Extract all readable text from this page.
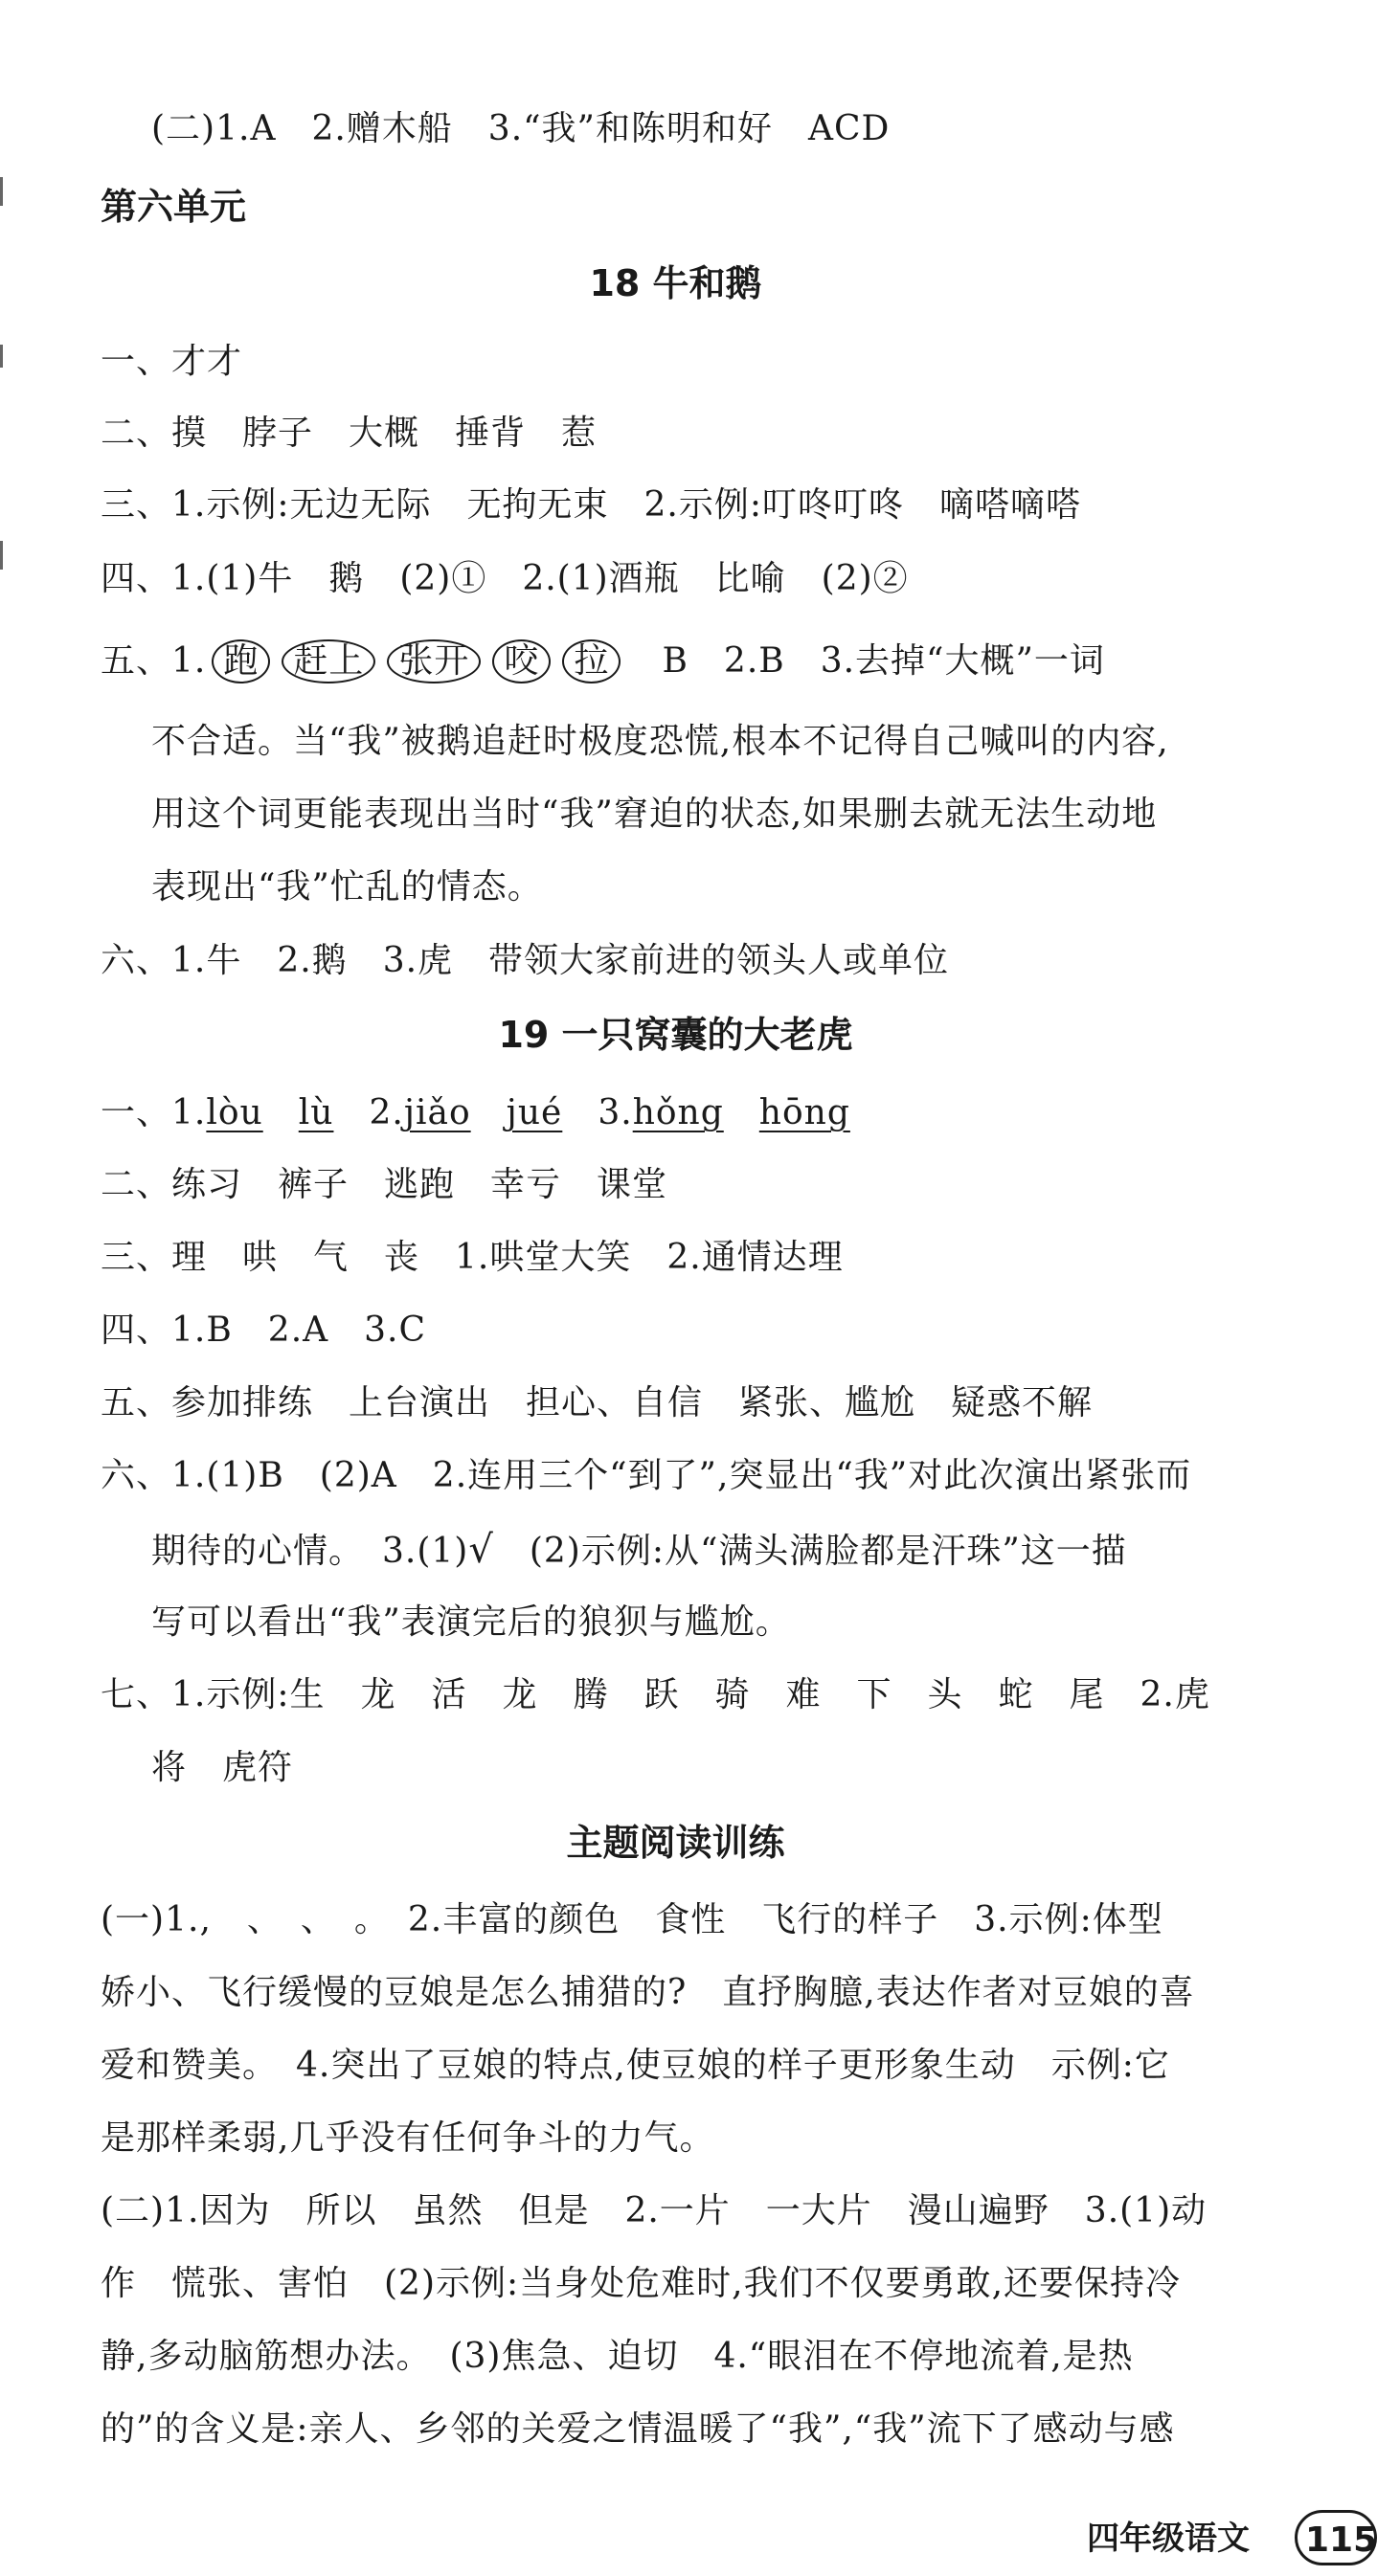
(二)1.A　2.赠木船　3.“我”和陈明和好　ACD
第六单元
18 牛和鹅
一、才才
二、摸　脖子　大概　捶背　惹
三、1.示例:无边无际　无拘无束　2.示例:叮咚叮咚　嘀嗒嘀嗒
四、1.(1)牛　鹅　(2)①　2.(1)酒瓶　比喻　(2)②
五、1. 跑 赶上 张开 咬 拉　 B　2.B　3.去掉“大概”一词
不合适。当“我”被鹅追赶时极度恐慌,根本不记得自己喊叫的内容,
用这个词更能表现出当时“我”窘迫的状态,如果删去就无法生动地
表现出“我”忙乱的情态。
六、1.牛　2.鹅　3.虎　带领大家前进的领头人或单位
19 一只窝囊的大老虎
一、1.lòu　 lù　 2.jiǎo　 jué　 3.hǒng　 hōng
二、练习　裤子　逃跑　幸亏　课堂
三、理　哄　气　丧　1.哄堂大笑　2.通情达理
四、1.B　2.A　3.C
五、参加排练　上台演出　担心、自信　紧张、尴尬　疑惑不解
六、1.(1)B　(2)A　2.连用三个“到了”,突显出“我”对此次演出紧张而
期待的心情。　3.(1)√　 (2)示例:从“满头满脸都是汗珠”这一描
写可以看出“我”表演完后的狼狈与尴尬。
七、1.示例:生　龙　活　龙　腾　跃　骑　难　下　头　蛇　尾　2.虎
将　虎符
主题阅读训练
(一)1.,　、　、　。　2.丰富的颜色　食性　飞行的样子　3.示例:体型
娇小、飞行缓慢的豆娘是怎么捕猎的?　直抒胸臆,表达作者对豆娘的喜
爱和赞美。　4.突出了豆娘的特点,使豆娘的样子更形象生动　示例:它
是那样柔弱,几乎没有任何争斗的力气。
(二)1.因为　所以　虽然　但是　2.一片　一大片　漫山遍野　3.(1)动
作　慌张、害怕　(2)示例:当身处危难时,我们不仅要勇敢,还要保持冷
静,多动脑筋想办法。　(3)焦急、迫切　4.“眼泪在不停地流着,是热
的”的含义是:亲人、乡邻的关爱之情温暖了“我”,“我”流下了感动与感
四年级语文	115
